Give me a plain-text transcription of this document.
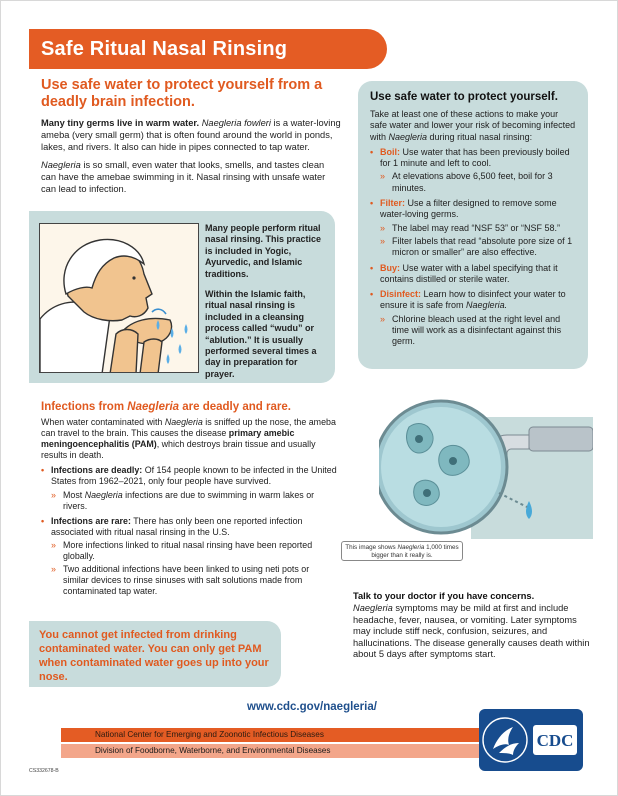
Safe Ritual Nasal Rinsing
Use safe water to protect yourself from a deadly brain infection.
Many tiny germs live in warm water. Naegleria fowleri is a water-loving ameba (very small germ) that is often found around the world in ponds, lakes, and rivers. It also can hide in pipes connected to tap water.
Naegleria is so small, even water that looks, smells, and tastes clean can have the amebae swimming in it. Nasal rinsing with unsafe water can lead to infection.
Many people perform ritual nasal rinsing. This practice is included in Yogic, Ayurvedic, and Islamic traditions.
Within the Islamic faith, ritual nasal rinsing is included in a cleansing process called “wudu” or “ablution.” It is usually performed several times a day in preparation for prayer.
Use safe water to protect yourself.
Take at least one of these actions to make your safe water and lower your risk of becoming infected with Naegleria during ritual nasal rinsing:
• Boil: Use water that has been previously boiled for 1 minute and left to cool.
» At elevations above 6,500 feet, boil for 3 minutes.
• Filter: Use a filter designed to remove some water-loving germs.
» The label may read “NSF 53” or “NSF 58.”
» Filter labels that read “absolute pore size of 1 micron or smaller” are also effective.
• Buy: Use water with a label specifying that it contains distilled or sterile water.
• Disinfect: Learn how to disinfect your water to ensure it is safe from Naegleria.
» Chlorine bleach used at the right level and time will work as a disinfectant against this germ.
Infections from Naegleria are deadly and rare.
When water contaminated with Naegleria is sniffed up the nose, the ameba can travel to the brain. This causes the disease primary amebic meningoencephalitis (PAM), which destroys brain tissue and usually results in death.
• Infections are deadly: Of 154 people known to be infected in the United States from 1962–2021, only four people have survived.
» Most Naegleria infections are due to swimming in warm lakes or rivers.
• Infections are rare: There has only been one reported infection associated with ritual nasal rinsing in the U.S.
» More infections linked to ritual nasal rinsing have been reported globally.
» Two additional infections have been linked to using neti pots or similar devices to rinse sinuses with salt solutions made from contaminated tap water.
You cannot get infected from drinking contaminated water. You can only get PAM when contaminated water goes up into your nose.
This image shows Naegleria 1,000 times bigger than it really is.
Talk to your doctor if you have concerns.
Naegleria symptoms may be mild at first and include headache, fever, nausea, or vomiting. Later symptoms may include stiff neck, confusion, seizures, and hallucinations. The disease generally causes death within about 5 days after symptoms start.
www.cdc.gov/naegleria/
National Center for Emerging and Zoonotic Infectious Diseases
Division of Foodborne, Waterborne, and Environmental Diseases
CDC
CS332678-B
